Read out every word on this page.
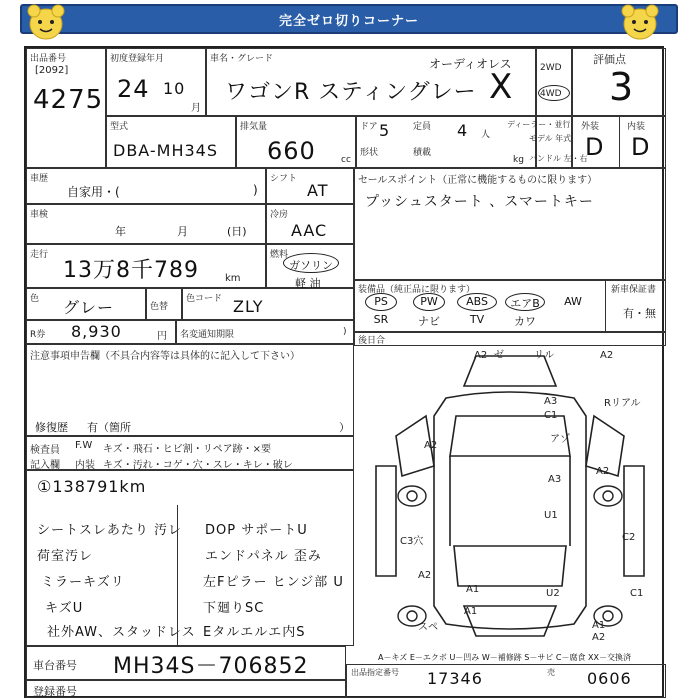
完全ゼロ切りコーナー
出品番号
[2092]
4275
初度登録年月
24 10
月
車名・グレード	オーディオレス
ワゴンR スティングレー X	2WD
4WD
評価点
3
型式
DBA-MH34S
排気量
660	cc
ドア 5	定員 4 人
形状	積載
kg
ディーラー・並行
モデル 年式
ハンドル 左・右
外装	内装
D D
車歴
自家用・(	)
シフト
AT
車検
年	月	(日)
冷房
AAC
走行
13万8千789	km
燃料
ガソリン
軽 油
色 グレー	色替
色コード ZLY
R券 8,930	円 名変通知期限	)
セールスポイント（正常に機能するものに限ります）
プッシュスタート 、スマートキー
装備品（純正品に限ります）	新車保証書
有・無
PS	PW	ABS	エアB	AW
SR	ナビ	TV	カワ
後日合
注意事項申告欄（不具合内容等は具体的に記入して下さい）
修復歴 有（箇所	）
検査員 記入欄
F.W キズ・飛石・ヒビ割・リペア跡・×要
内装 キズ・汚れ・コゲ・穴・スレ・キレ・破レ
①138791km
シートスレあたり 汚レ
荷室汚レ
ミラーキズリ
キズU
社外AW、スタッドレス
DOP サポートU
エンドパネル 歪み
左Fピラー ヒンジ部 U
下廻りSC
Eタルエルエ内S
A2 ゼ	リル	A2
A3
C1
Rリアル
アゾ
A2
A3
A2
U1
C3穴
A2
C2
A1
U2	C1
A1
スペ	A1
A2
A－キズ E－エクボ U－凹み W－補修跡 S－サビ C－腐食 XX－交換済
車台番号 MH34S－706852
登録番号
出品指定番号 17346	売 0606
